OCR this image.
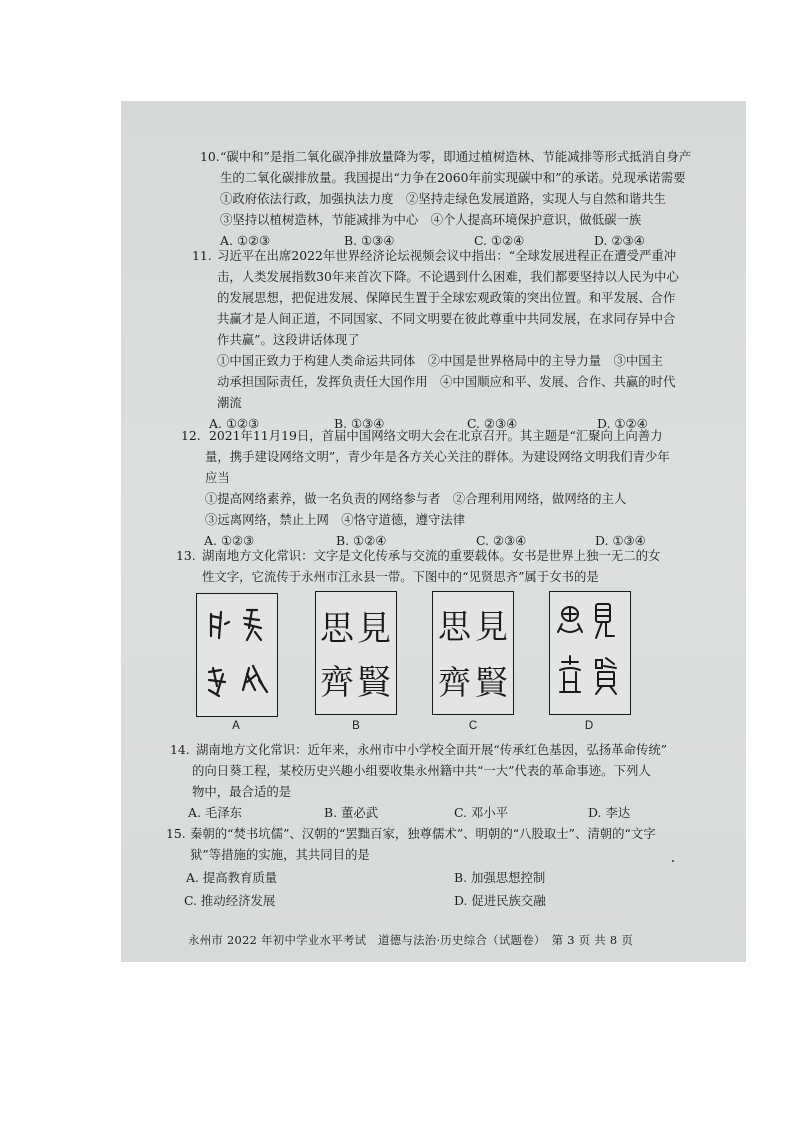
10. “碳中和”是指二氧化碳净排放量降为零，即通过植树造林、节能减排等形式抵消自身产
生的二氧化碳排放量。我国提出“力争在2060年前实现碳中和”的承诺。兑现承诺需要
①政府依法行政，加强执法力度　②坚持走绿色发展道路，实现人与自然和谐共生
③坚持以植树造林，节能减排为中心　④个人提高环境保护意识，做低碳一族
A. ①②③	B. ①③④	C. ①②④	D. ②③④
11. 习近平在出席2022年世界经济论坛视频会议中指出：“全球发展进程正在遭受严重冲
击，人类发展指数30年来首次下降。不论遇到什么困难，我们都要坚持以人民为中心
的发展思想，把促进发展、保障民生置于全球宏观政策的突出位置。和平发展、合作
共赢才是人间正道，不同国家、不同文明要在彼此尊重中共同发展，在求同存异中合
作共赢”。这段讲话体现了
①中国正致力于构建人类命运共同体　②中国是世界格局中的主导力量　③中国主
动承担国际责任，发挥负责任大国作用　④中国顺应和平、发展、合作、共赢的时代
潮流
A. ①②③	B. ①③④	C. ②③④	D. ①②④
12. 2021年11月19日，首届中国网络文明大会在北京召开。其主题是“汇聚向上向善力
量，携手建设网络文明”，青少年是各方关心关注的群体。为建设网络文明我们青少年
应当
①提高网络素养，做一名负责的网络参与者　②合理利用网络，做网络的主人
③远离网络，禁止上网　④恪守道德，遵守法律
A. ①②③	B. ①②④	C. ②③④	D. ①③④
13. 湖南地方文化常识：文字是文化传承与交流的重要载体。女书是世界上独一无二的女
性文字，它流传于永州市江永县一带。下图中的“见贤思齐”属于女书的是
A
思 見
齊 賢
B
思 見
齊 賢
C	D
14. 湖南地方文化常识：近年来，永州市中小学校全面开展“传承红色基因，弘扬革命传统”
的向日葵工程，某校历史兴趣小组要收集永州籍中共“一大”代表的革命事迹。下列人
物中，最合适的是
A. 毛泽东	B. 董必武	C. 邓小平	D. 李达
15. 秦朝的“焚书坑儒”、汉朝的“罢黜百家，独尊儒术”、明朝的“八股取士”、清朝的“文字
狱”等措施的实施，其共同目的是
A. 提高教育质量	B. 加强思想控制
C. 推动经济发展	D. 促进民族交融
永州市 2022 年初中学业水平考试　道德与法治·历史综合（试题卷）　第 3 页 共 8 页
